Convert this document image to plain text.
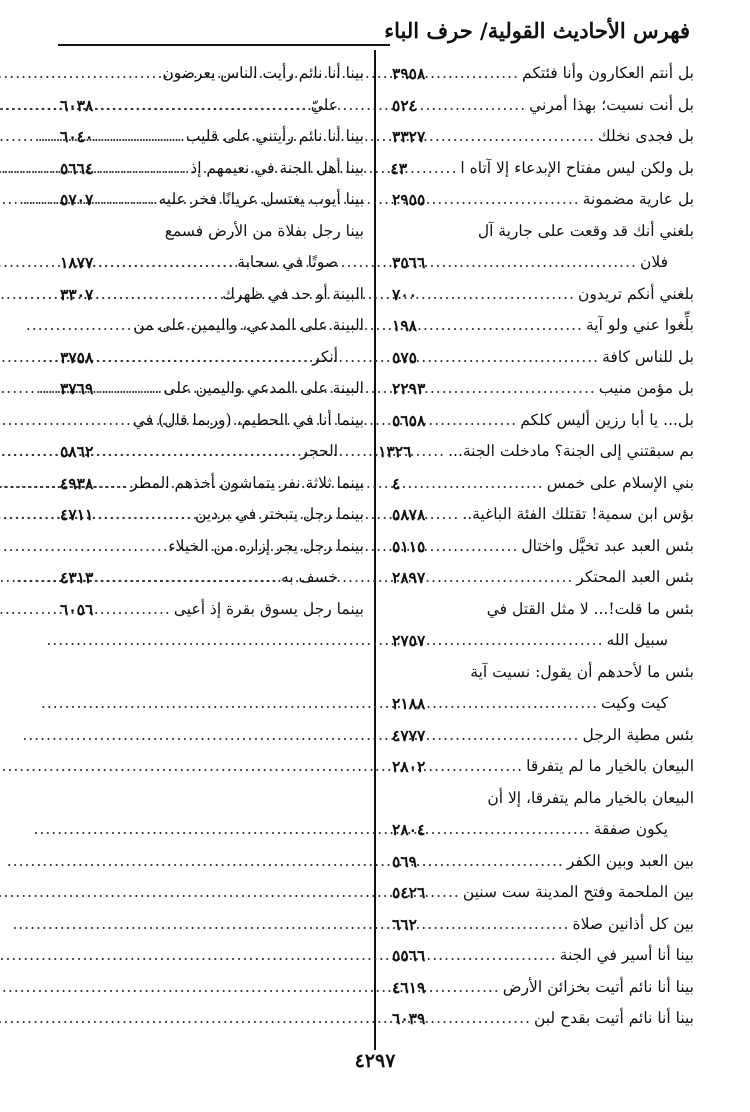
فهرس الأحاديث القولية/ حرف الباء
بل أنتم العكارون وأنا فئتكم
.....
٣٩٥٨
بل أنت نسيت؛ بهذا أمرني
.....
٥٢٤
بل فجدى نخلك
.....
٣٣٢٧
بل ولكن ليس مفتاح الإبدعاء إلا آتاه ا
.....
٤٣
بل عارية مضمونة
.....
٢٩٥٥
بلغني أنك قد وقعت على جارية آل
فلان
.....
٣٥٦٦
بلغني أنكم تريدون
.....
٧٠٠
بلِّغوا عني ولو آية
.....
١٩٨
بل للناس كافة
.....
٥٧٥
بل مؤمن منيب
.....
٢٢٩٣
بل... يا أبا رزين أليس كلكم
.....
٥٦٥٨
بم سبقتني إلى الجنة؟ مادخلت الجنة...
.....
١٣٢٦
بني الإسلام على خمس
.....
٤
بؤس ابن سمية! تقتلك الفئة الباغية..
.....
٥٨٧٨
بئس العبد عبد تخيَّل واختال
.....
٥١١٥
بئس العبد المحتكر
.....
٢٨٩٧
بئس ما قلت!... لا مثل القتل في
سبيل الله
.....
٢٧٥٧
بئس ما لأحدهم أن يقول: نسيت آية
كيت وكيت
.....
٢١٨٨
بئس مطية الرجل
.....
٤٧٧٧
البيعان بالخيار ما لم يتفرقا
.....
٢٨٠٢
البيعان بالخيار مالم يتفرقا، إلا أن
يكون صفقة
.....
٢٨٠٤
بين العبد وبين الكفر
.....
٥٦٩
بين الملحمة وفتح المدينة ست سنين
.....
٥٤٢٦
بين كل أذانين صلاة
.....
٦٦٢
بينا أنا أسير في الجنة
.....
٥٥٦٦
بينا أنا نائم أتيت بخزائن الأرض
.....
٤٦١٩
بينا أنا نائم أتيت بقدح لبن
.....
٦٠٣٩
بينا أنا نائم رأيت الناس يعرضون
عليّ
.....
٦٠٣٨
بينا أنا نائم رأيتني على قليب
.....
٦٠٤٠
بينا أهل الجنة في نعيمهم إذ
.....
٥٦٦٤
بينا أيوب يغتسل عريانًا فخر عليه
.....
٥٧٠٧
بينا رجل بفلاة من الأرض فسمع
صوتًا في سحابة
.....
١٨٧٧
البينة أو حد في ظهرك
.....
٣٣٠٧
البينة على المدعي، واليمين على من
أنكر
.....
٣٧٥٨
البينة على المدعي واليمين على
.....
٣٧٦٩
بينما أنا في الحطيم، (وربما قال) في
الحجر
.....
٥٨٦٢
بينما ثلاثة نفر يتماشون أخذهم المطر
.....
٤٩٣٨
بينما رجل يتبختر في بردين
.....
٤٧١١
بينما رجل يجر إزاره من الخيلاء
خسف به
.....
٤٣١٣
بينما رجل يسوق بقرة إذ أعيى
.....
٦٠٥٦
٤٢٩٧
